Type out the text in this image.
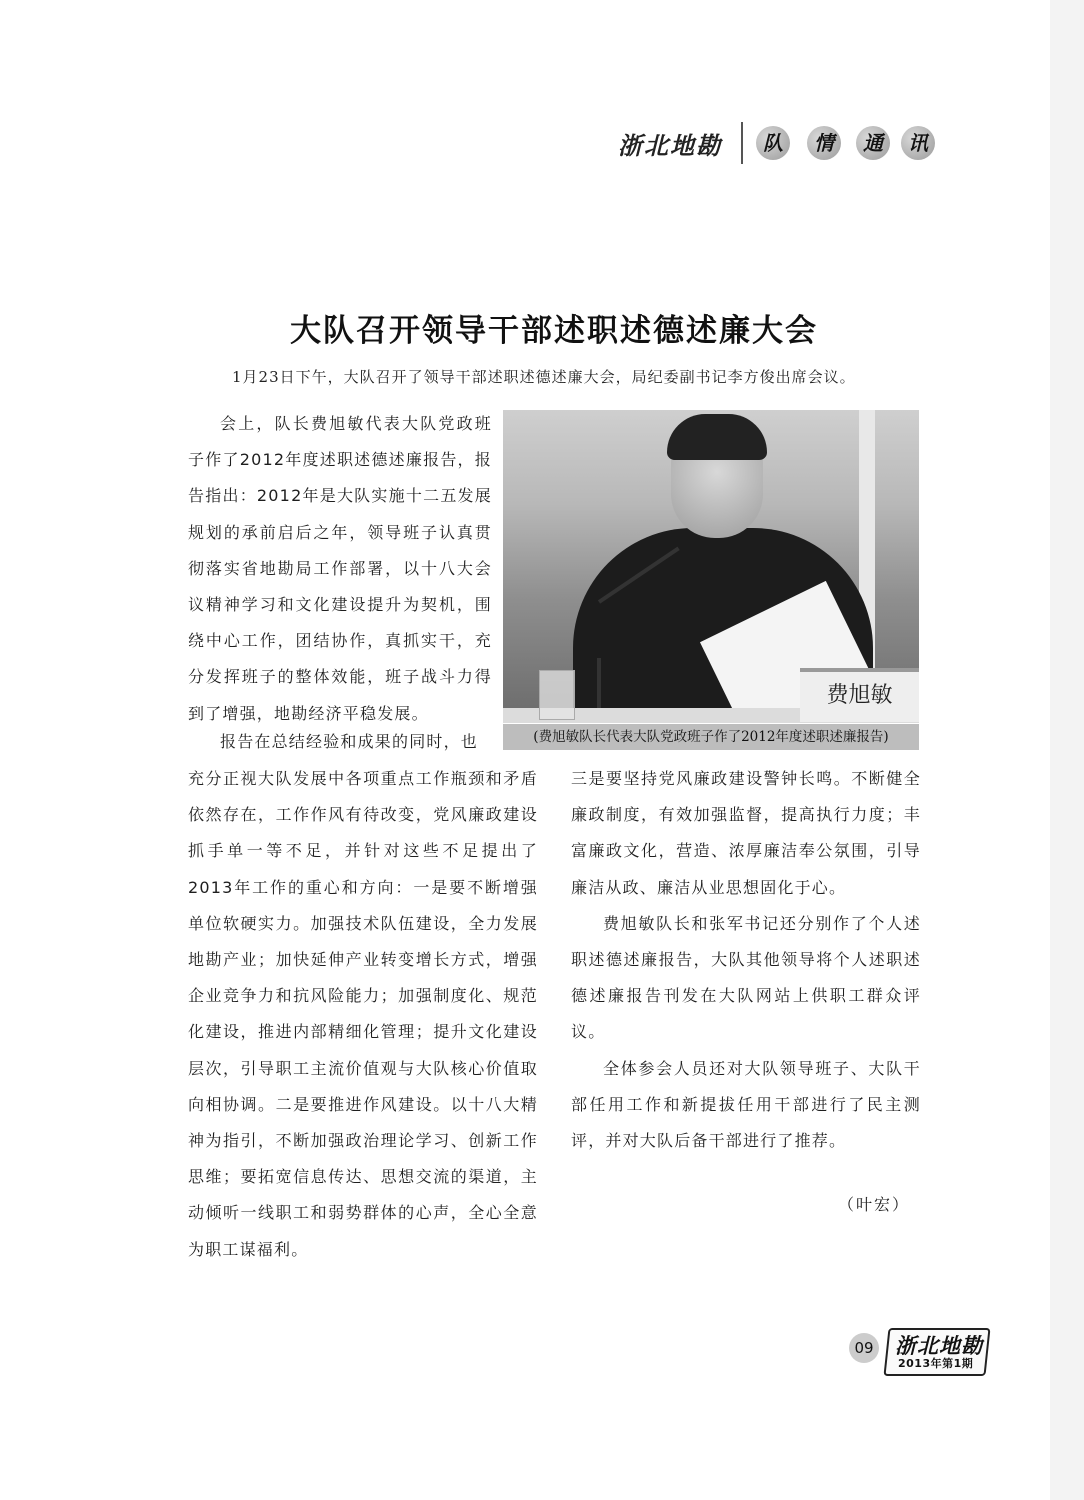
浙北地勘	队	情	通	讯
大队召开领导干部述职述德述廉大会
1月23日下午，大队召开了领导干部述职述德述廉大会，局纪委副书记李方俊出席会议。

会上，队长费旭敏代表大队党政班子作了2012年度述职述德述廉报告，报告指出：2012年是大队实施十二五发展规划的承前启后之年，领导班子认真贯彻落实省地勘局工作部署，以十八大会议精神学习和文化建设提升为契机，围绕中心工作，团结协作，真抓实干，充分发挥班子的整体效能，班子战斗力得到了增强，地勘经济平稳发展。

报告在总结经验和成果的同时，也

费旭敏
(费旭敏队长代表大队党政班子作了2012年度述职述廉报告)

充分正视大队发展中各项重点工作瓶颈和矛盾依然存在，工作作风有待改变，党风廉政建设抓手单一等不足，并针对这些不足提出了2013年工作的重心和方向：一是要不断增强单位软硬实力。加强技术队伍建设，全力发展地勘产业；加快延伸产业转变增长方式，增强企业竞争力和抗风险能力；加强制度化、规范化建设，推进内部精细化管理；提升文化建设层次，引导职工主流价值观与大队核心价值取向相协调。二是要推进作风建设。以十八大精神为指引，不断加强政治理论学习、创新工作思维；要拓宽信息传达、思想交流的渠道，主动倾听一线职工和弱势群体的心声，全心全意为职工谋福利。

三是要坚持党风廉政建设警钟长鸣。不断健全廉政制度，有效加强监督，提高执行力度；丰富廉政文化，营造、浓厚廉洁奉公氛围，引导廉洁从政、廉洁从业思想固化于心。

费旭敏队长和张军书记还分别作了个人述职述德述廉报告，大队其他领导将个人述职述德述廉报告刊发在大队网站上供职工群众评议。

全体参会人员还对大队领导班子、大队干部任用工作和新提拔任用干部进行了民主测评，并对大队后备干部进行了推荐。

（叶宏）
09 浙北地勘
2013年第1期
